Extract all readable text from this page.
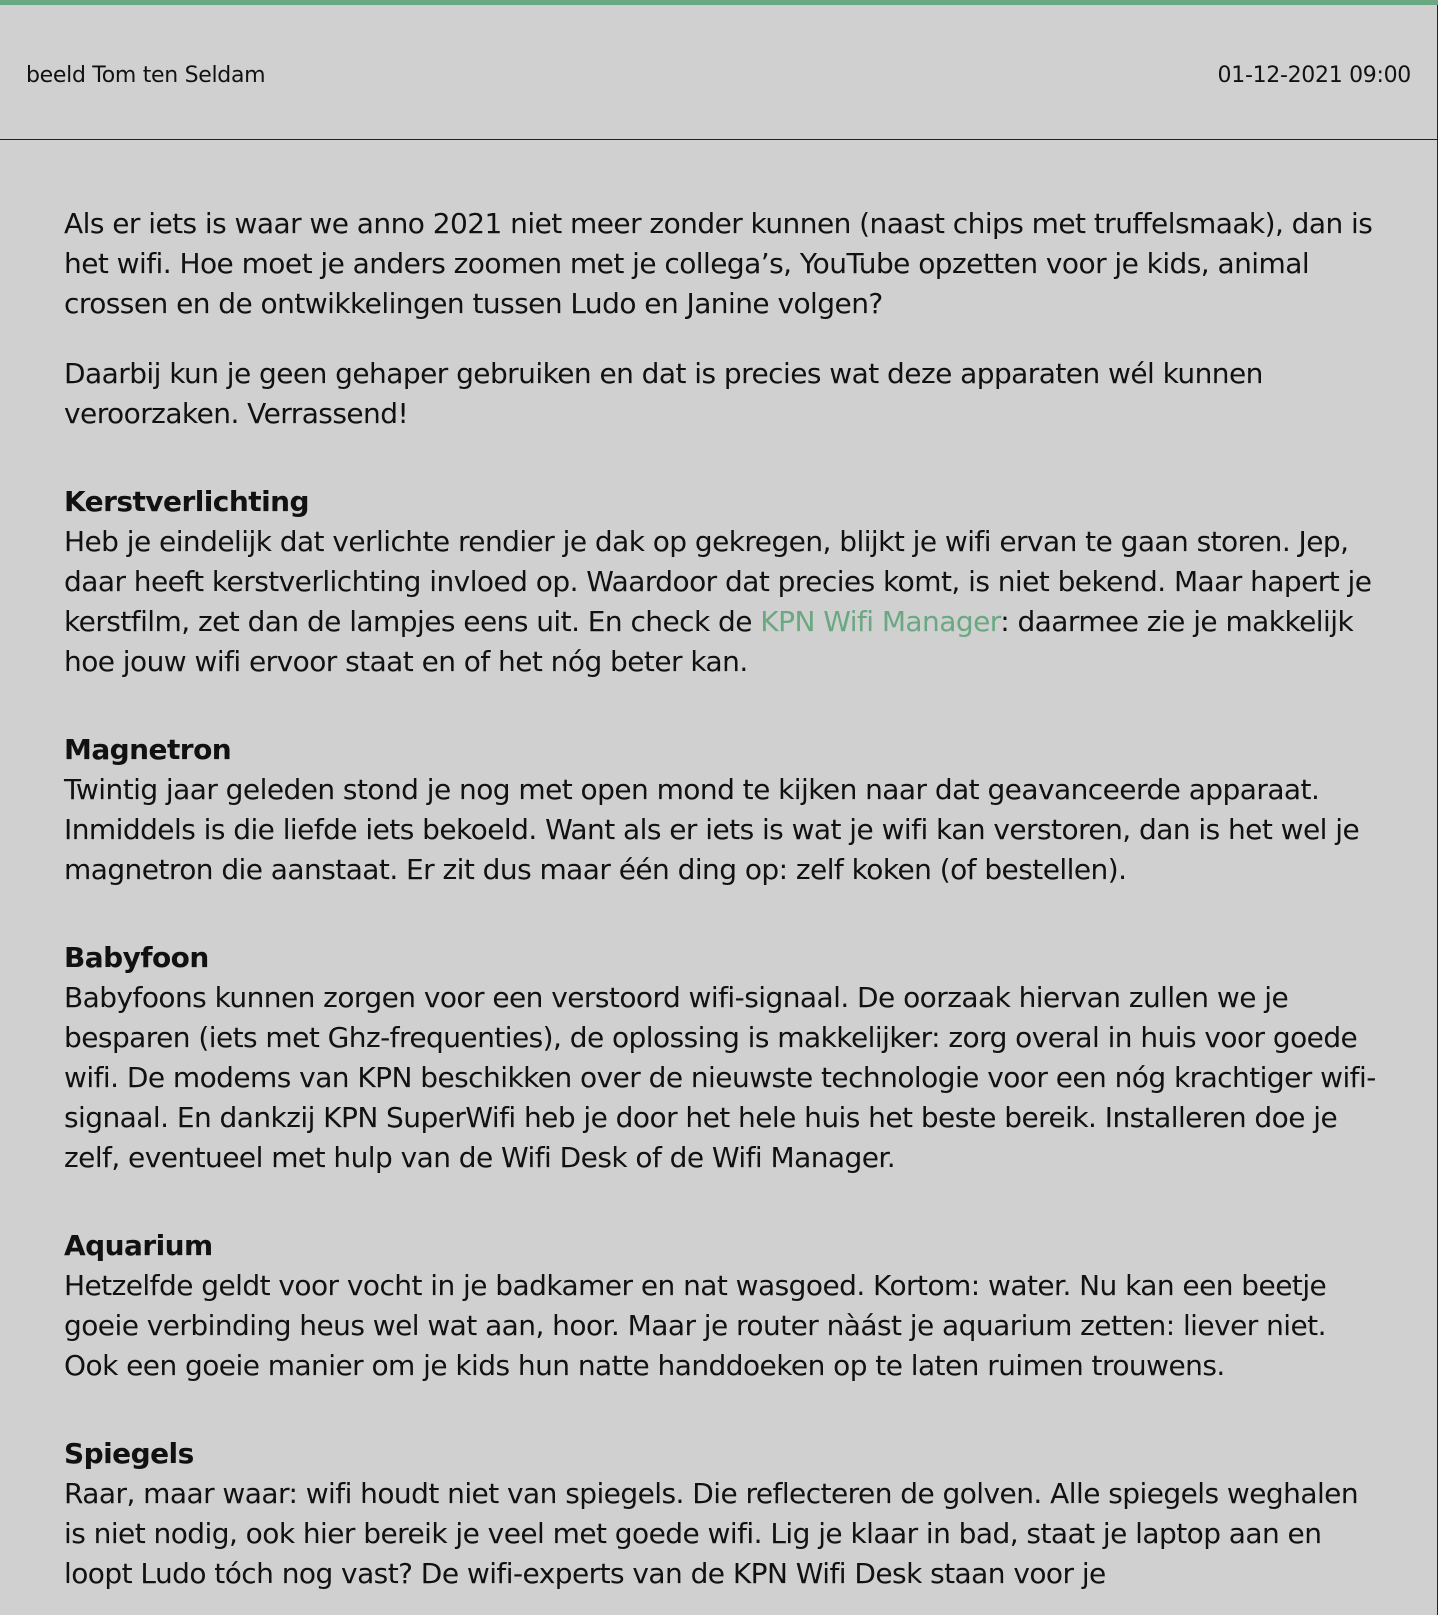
beeld Tom ten Seldam	01-12-2021 09:00

Als er iets is waar we anno 2021 niet meer zonder kunnen (naast chips met truffelsmaak), dan is het wifi. Hoe moet je anders zoomen met je collega’s, YouTube opzetten voor je kids, animal crossen en de ontwikkelingen tussen Ludo en Janine volgen?

Daarbij kun je geen gehaper gebruiken en dat is precies wat deze apparaten wél kunnen veroorzaken. Verrassend!

Kerstverlichting

Heb je eindelijk dat verlichte rendier je dak op gekregen, blijkt je wifi ervan te gaan storen. Jep, daar heeft kerstverlichting invloed op. Waardoor dat precies komt, is niet bekend. Maar hapert je kerstfilm, zet dan de lampjes eens uit. En check de KPN Wifi Manager: daarmee zie je makkelijk hoe jouw wifi ervoor staat en of het nóg beter kan.

Magnetron

Twintig jaar geleden stond je nog met open mond te kijken naar dat geavanceerde apparaat. Inmiddels is die liefde iets bekoeld. Want als er iets is wat je wifi kan verstoren, dan is het wel je magnetron die aanstaat. Er zit dus maar één ding op: zelf koken (of bestellen).

Babyfoon

Babyfoons kunnen zorgen voor een verstoord wifi-signaal. De oorzaak hiervan zullen we je besparen (iets met Ghz-frequenties), de oplossing is makkelijker: zorg overal in huis voor goede wifi. De modems van KPN beschikken over de nieuwste technologie voor een nóg krachtiger wifi-signaal. En dankzij KPN SuperWifi heb je door het hele huis het beste bereik. Installeren doe je zelf, eventueel met hulp van de Wifi Desk of de Wifi Manager.

Aquarium

Hetzelfde geldt voor vocht in je badkamer en nat wasgoed. Kortom: water. Nu kan een beetje goeie verbinding heus wel wat aan, hoor. Maar je router nàást je aquarium zetten: liever niet. Ook een goeie manier om je kids hun natte handdoeken op te laten ruimen trouwens.

Spiegels

Raar, maar waar: wifi houdt niet van spiegels. Die reflecteren de golven. Alle spiegels weghalen is niet nodig, ook hier bereik je veel met goede wifi. Lig je klaar in bad, staat je laptop aan en loopt Ludo tóch nog vast? De wifi-experts van de KPN Wifi Desk staan voor je
